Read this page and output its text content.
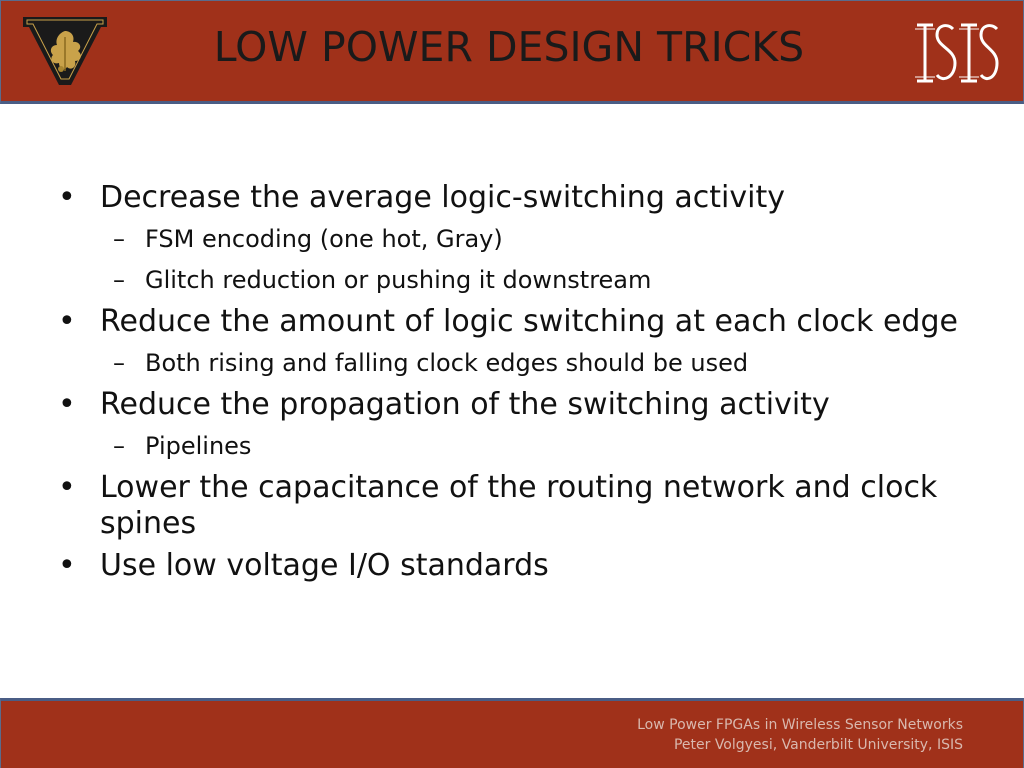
LOW POWER DESIGN TRICKS
• Decrease the average logic-switching activity
– FSM encoding (one hot, Gray)
– Glitch reduction or pushing it downstream
• Reduce the amount of logic switching at each clock edge
– Both rising and falling clock edges should be used
• Reduce the propagation of the switching activity
– Pipelines
• Lower the capacitance of the routing network and clock spines
• Use low voltage I/O standards
Low Power FPGAs in Wireless Sensor Networks
Peter Volgyesi, Vanderbilt University, ISIS
